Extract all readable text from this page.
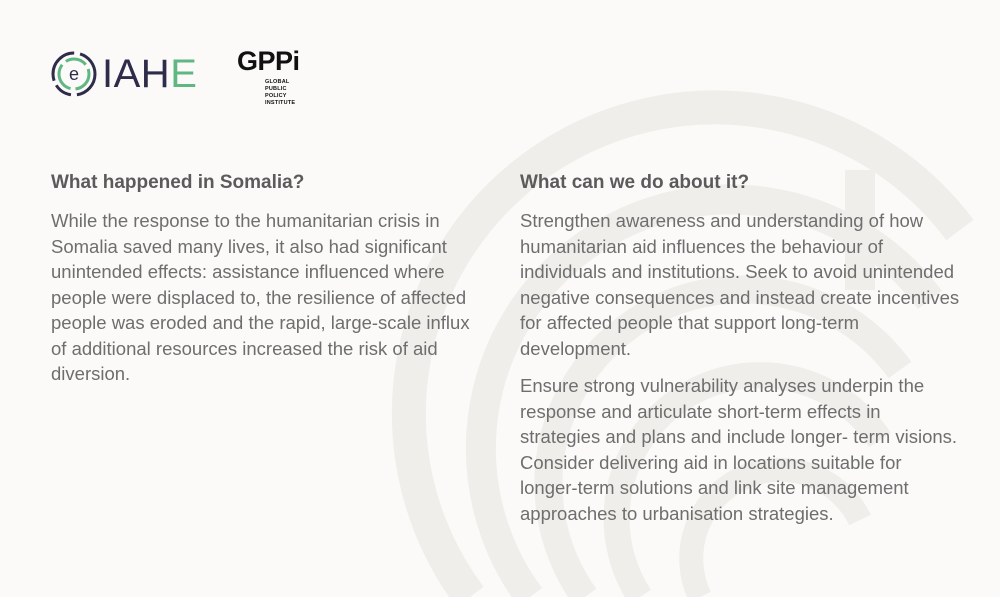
e IAHE GPPi
GLOBAL PUBLIC POLICY
INSTITUTE
What happened in Somalia?

While the response to the humanitarian crisis in Somalia saved many lives, it also had significant unintended effects: assistance influenced where people were displaced to, the resilience of affected people was eroded and the rapid, large-scale influx of additional resources increased the risk of aid diversion.

What can we do about it?

Strengthen awareness and understanding of how humanitarian aid influences the behaviour of individuals and institutions. Seek to avoid unintended negative consequences and instead create incentives for affected people that support long-term development.

Ensure strong vulnerability analyses underpin the response and articulate short-term effects in strategies and plans and include longer- term visions. Consider delivering aid in locations suitable for longer-term solutions and link site management approaches to urbanisation strategies.
